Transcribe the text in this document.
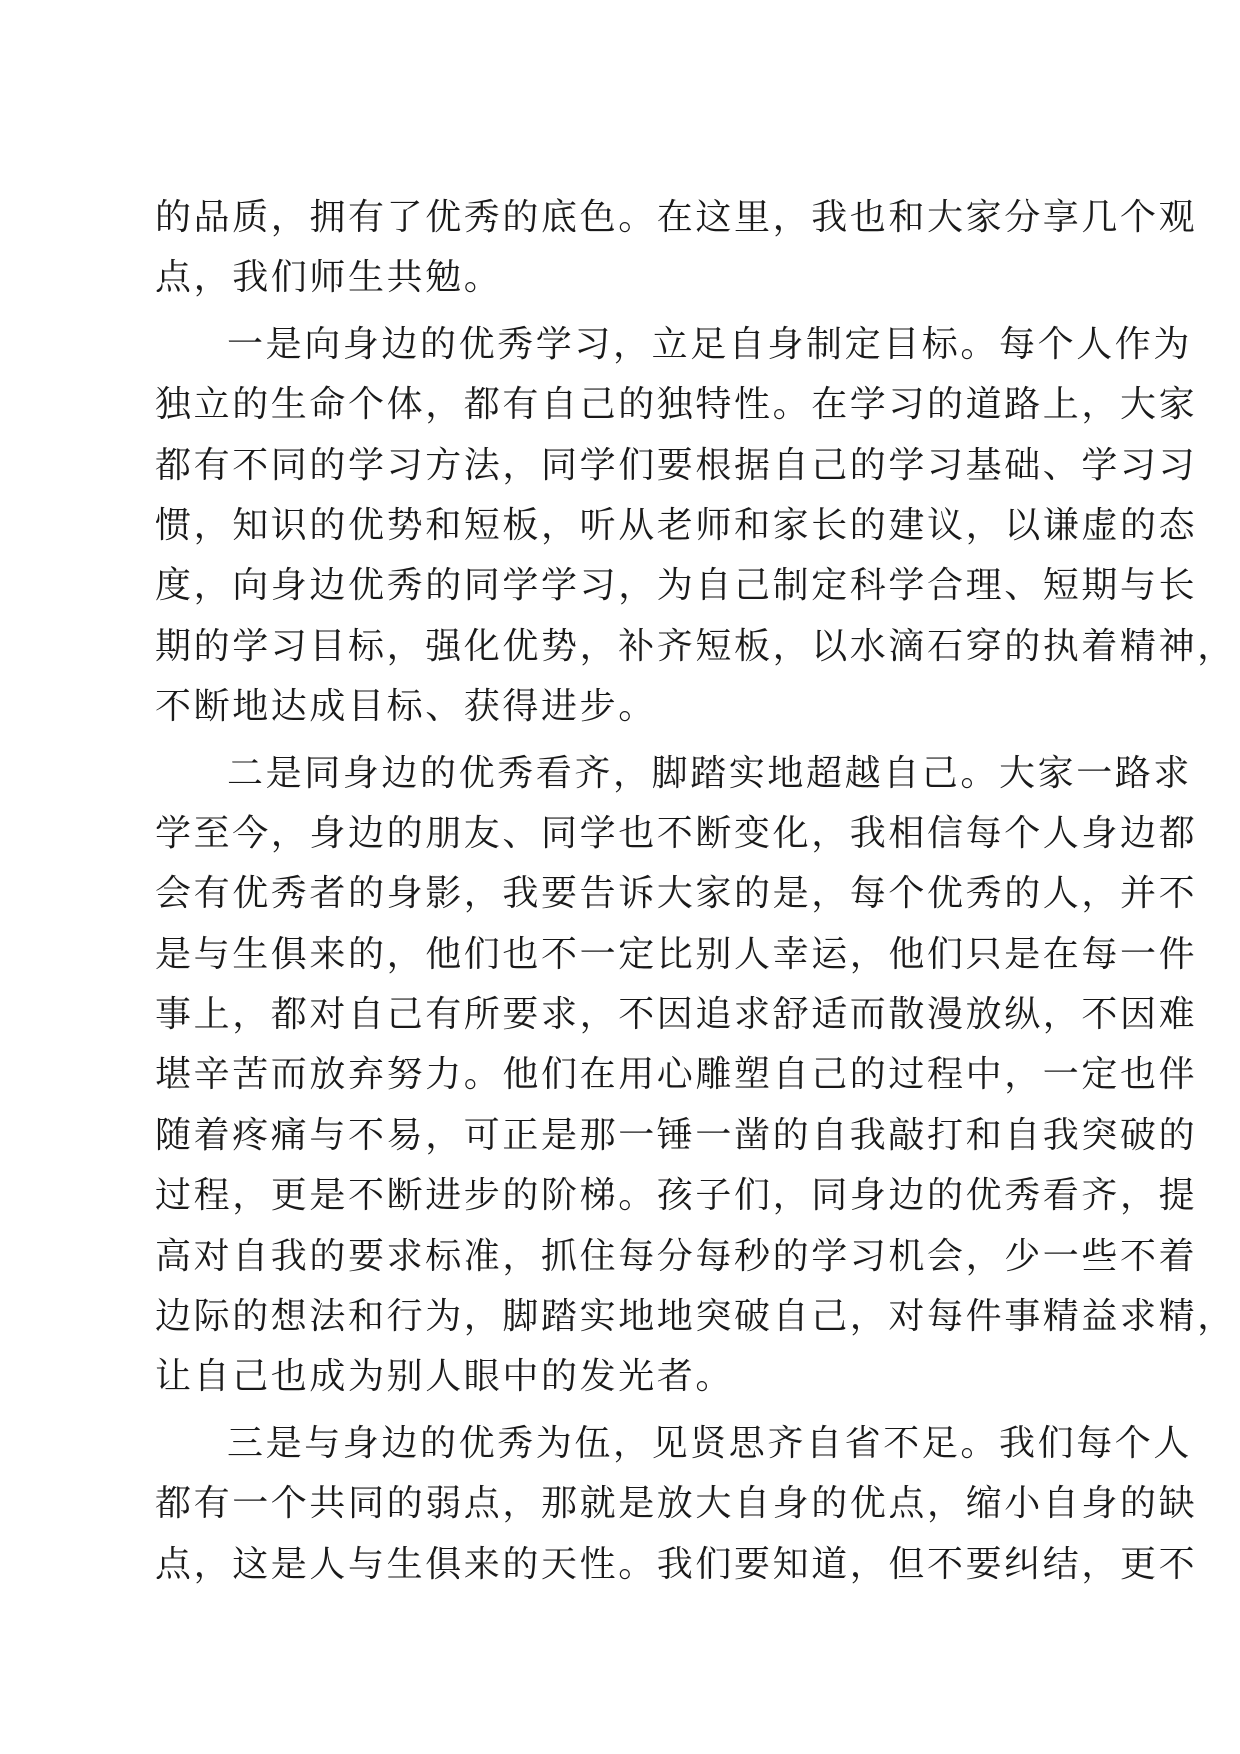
的品质，拥有了优秀的底色。在这里，我也和大家分享几个观
点，我们师生共勉。
一是向身边的优秀学习，立足自身制定目标。每个人作为
独立的生命个体，都有自己的独特性。在学习的道路上，大家
都有不同的学习方法，同学们要根据自己的学习基础、学习习
惯，知识的优势和短板，听从老师和家长的建议，以谦虚的态
度，向身边优秀的同学学习，为自己制定科学合理、短期与长
期的学习目标，强化优势，补齐短板，以水滴石穿的执着精神，
不断地达成目标、获得进步。
二是同身边的优秀看齐，脚踏实地超越自己。大家一路求
学至今，身边的朋友、同学也不断变化，我相信每个人身边都
会有优秀者的身影，我要告诉大家的是，每个优秀的人，并不
是与生俱来的，他们也不一定比别人幸运，他们只是在每一件
事上，都对自己有所要求，不因追求舒适而散漫放纵，不因难
堪辛苦而放弃努力。他们在用心雕塑自己的过程中，一定也伴
随着疼痛与不易，可正是那一锤一凿的自我敲打和自我突破的
过程，更是不断进步的阶梯。孩子们，同身边的优秀看齐，提
高对自我的要求标准，抓住每分每秒的学习机会，少一些不着
边际的想法和行为，脚踏实地地突破自己，对每件事精益求精，
让自己也成为别人眼中的发光者。
三是与身边的优秀为伍，见贤思齐自省不足。我们每个人
都有一个共同的弱点，那就是放大自身的优点，缩小自身的缺
点，这是人与生俱来的天性。我们要知道，但不要纠结，更不
